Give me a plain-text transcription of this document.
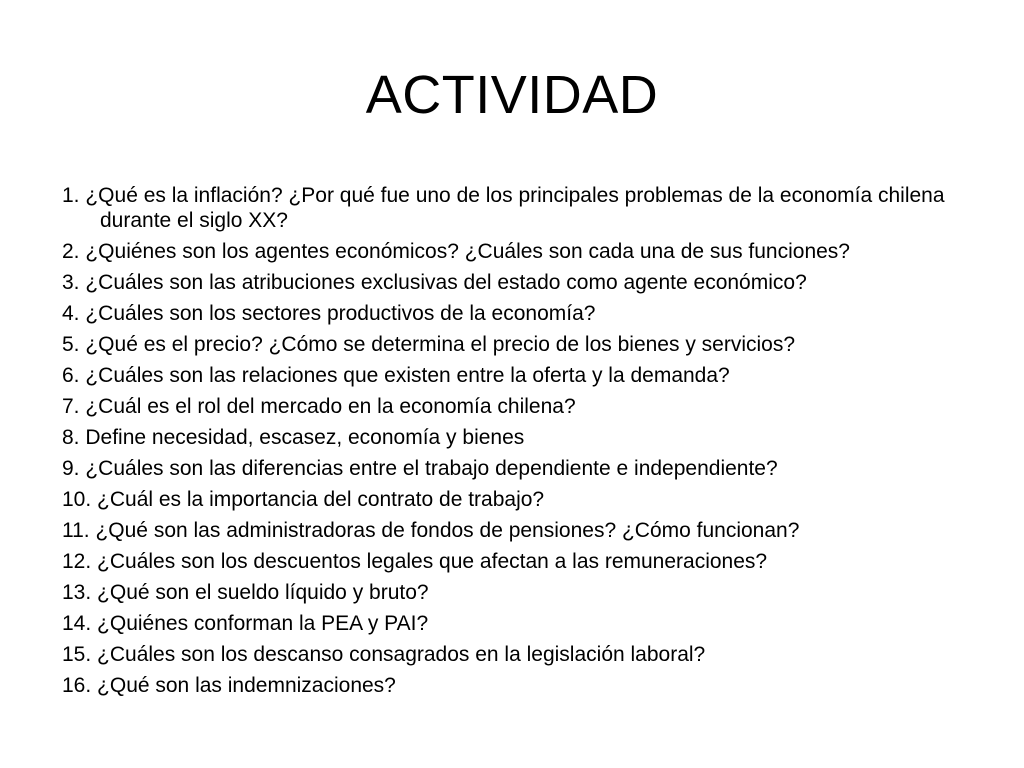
ACTIVIDAD
1. ¿Qué es la inflación? ¿Por qué fue uno de los principales problemas de la economía chilena durante el siglo XX?
2. ¿Quiénes son los agentes económicos? ¿Cuáles son cada una de sus funciones?
3. ¿Cuáles son las atribuciones exclusivas del estado como agente económico?
4. ¿Cuáles son los sectores productivos de la economía?
5. ¿Qué es el precio? ¿Cómo se determina el precio de los bienes y servicios?
6. ¿Cuáles son las relaciones que existen entre la oferta y la demanda?
7. ¿Cuál es el rol del mercado en la economía chilena?
8. Define necesidad, escasez, economía y bienes
9. ¿Cuáles son las diferencias entre el trabajo dependiente e independiente?
10. ¿Cuál es la importancia del contrato de trabajo?
11. ¿Qué son las administradoras de fondos de pensiones? ¿Cómo funcionan?
12. ¿Cuáles son los descuentos legales que afectan a las remuneraciones?
13. ¿Qué son el sueldo líquido y bruto?
14. ¿Quiénes conforman la PEA y PAI?
15. ¿Cuáles son los descanso consagrados en la legislación laboral?
16. ¿Qué son las indemnizaciones?
